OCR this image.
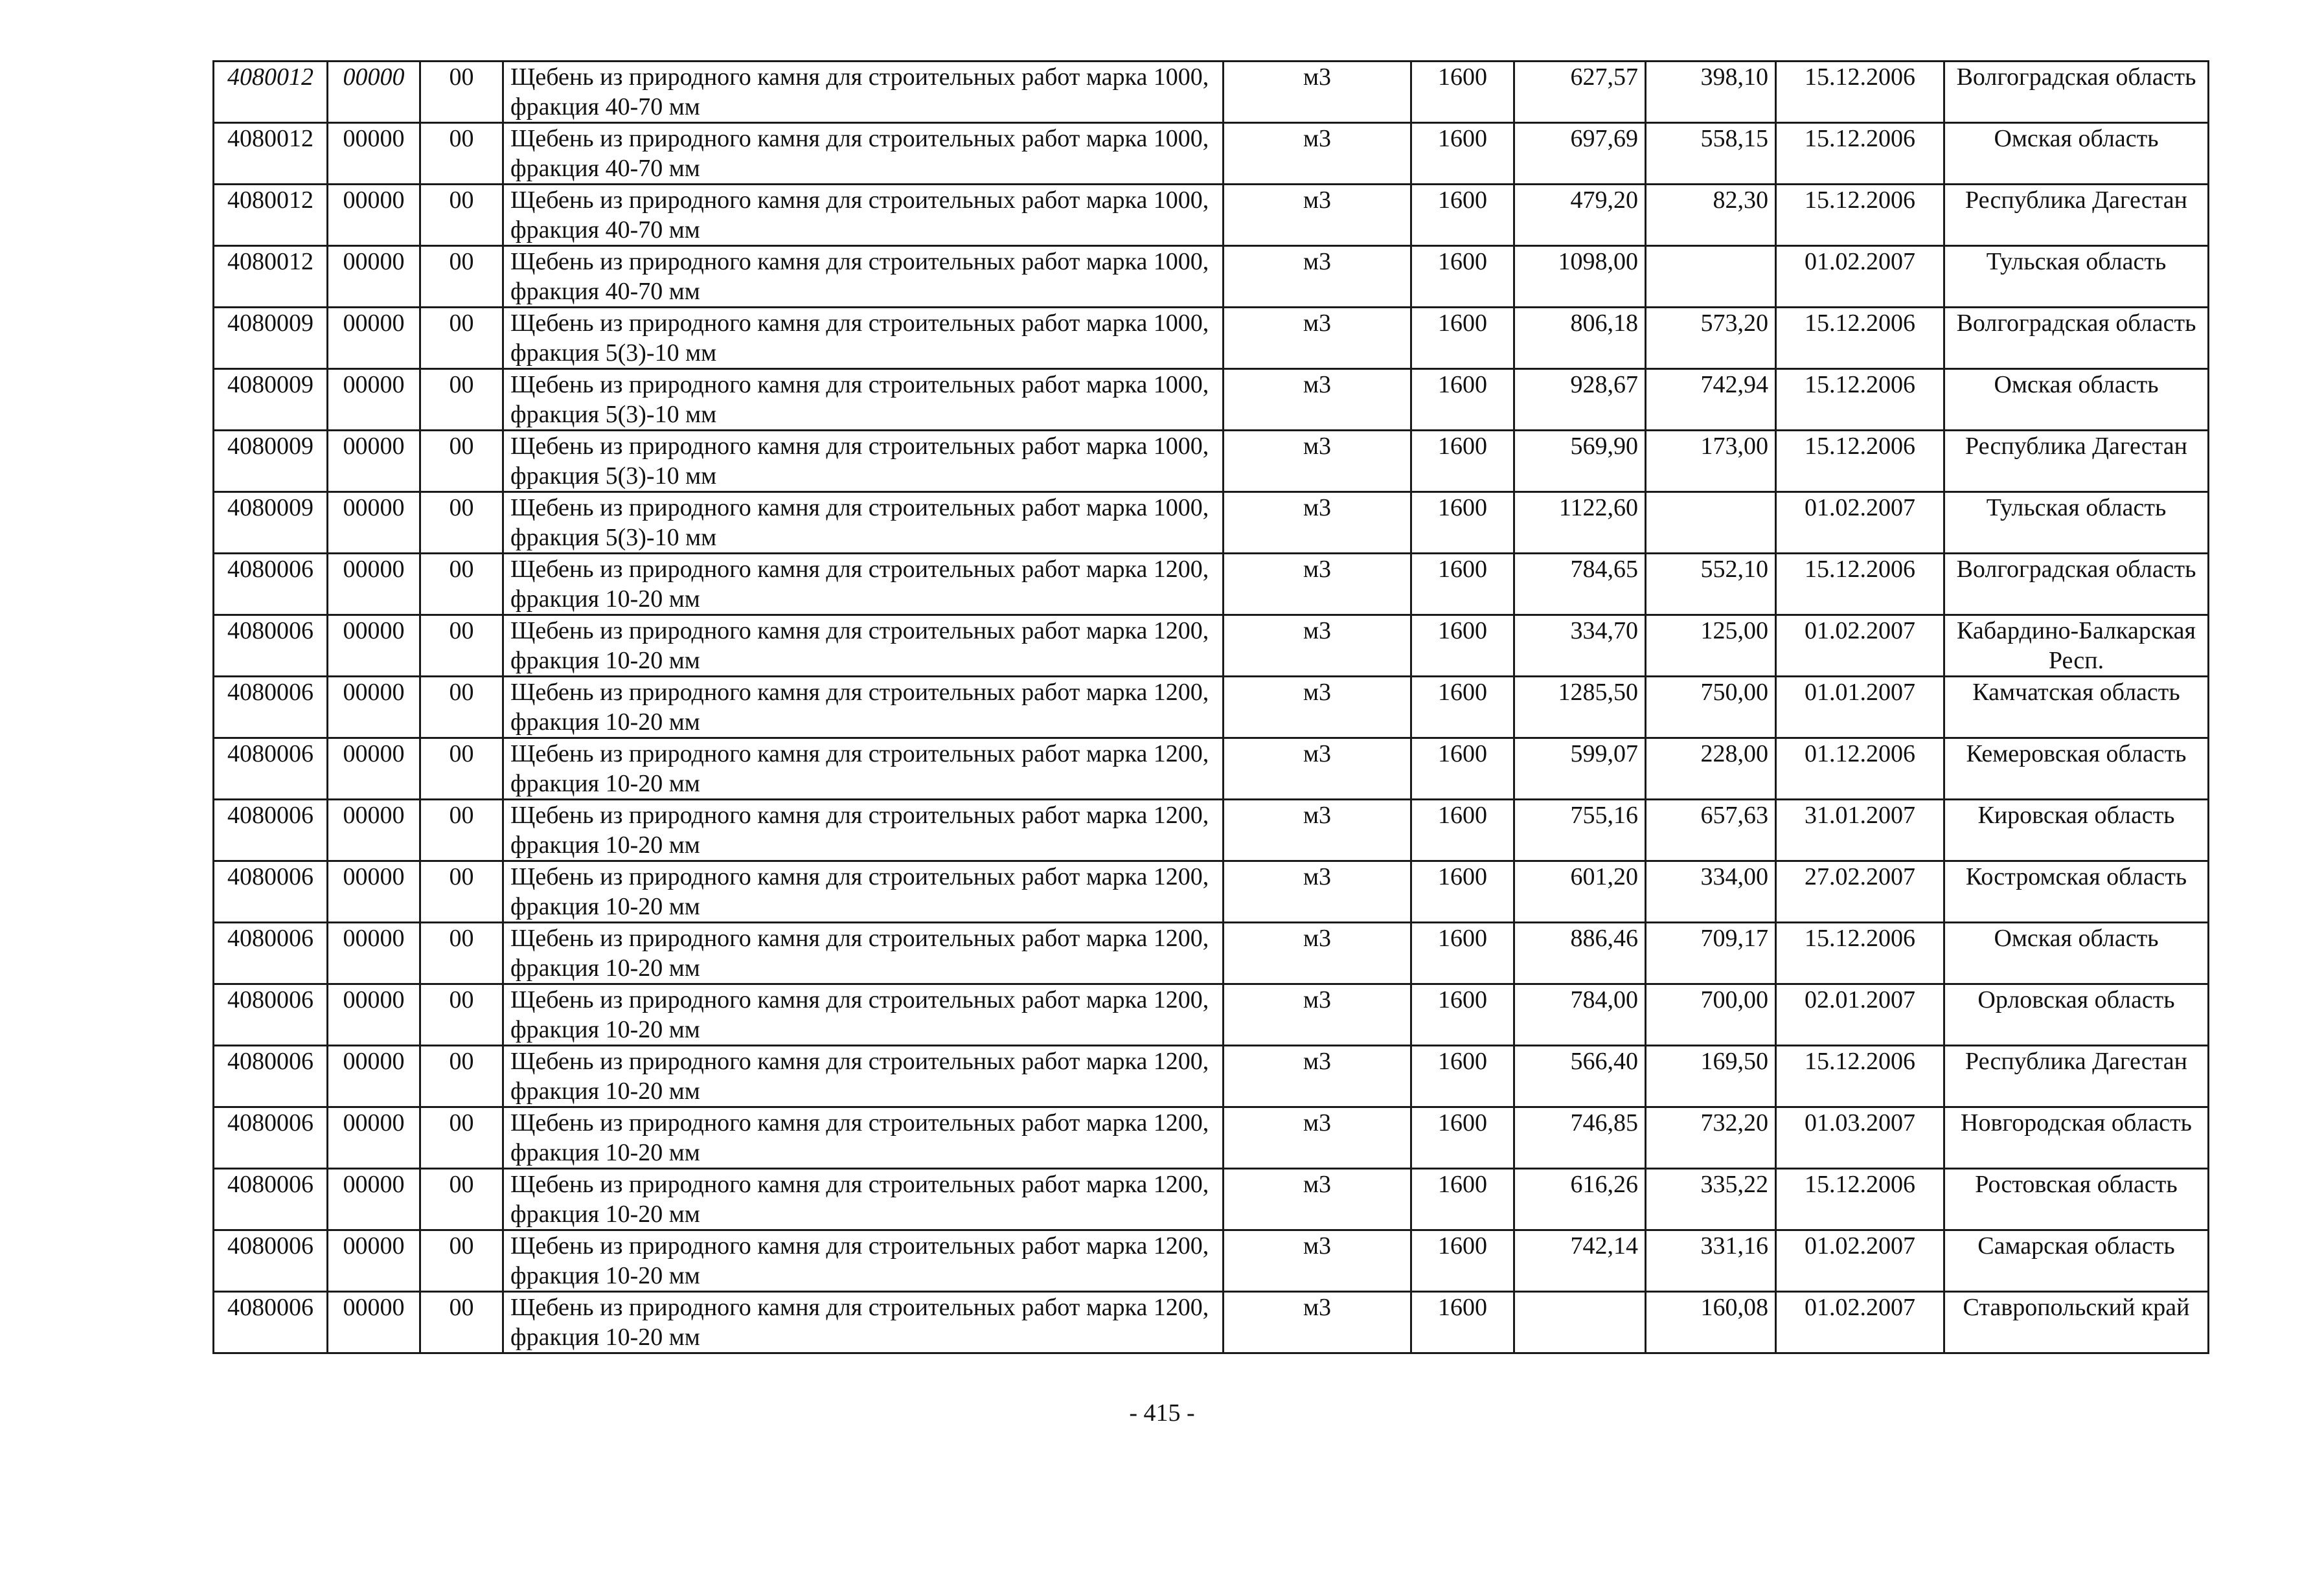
4080012	00000	00	Щебень из природного камня для строительных работ марка 1000, фракция 40-70 мм	м3	1600	627,57	398,10	15.12.2006	Волгоградская область
4080012	00000	00	Щебень из природного камня для строительных работ марка 1000, фракция 40-70 мм	м3	1600	697,69	558,15	15.12.2006	Омская область
4080012	00000	00	Щебень из природного камня для строительных работ марка 1000, фракция 40-70 мм	м3	1600	479,20	82,30	15.12.2006	Республика Дагестан
4080012	00000	00	Щебень из природного камня для строительных работ марка 1000, фракция 40-70 мм	м3	1600	1098,00		01.02.2007	Тульская область
4080009	00000	00	Щебень из природного камня для строительных работ марка 1000, фракция 5(3)-10 мм	м3	1600	806,18	573,20	15.12.2006	Волгоградская область
4080009	00000	00	Щебень из природного камня для строительных работ марка 1000, фракция 5(3)-10 мм	м3	1600	928,67	742,94	15.12.2006	Омская область
4080009	00000	00	Щебень из природного камня для строительных работ марка 1000, фракция 5(3)-10 мм	м3	1600	569,90	173,00	15.12.2006	Республика Дагестан
4080009	00000	00	Щебень из природного камня для строительных работ марка 1000, фракция 5(3)-10 мм	м3	1600	1122,60		01.02.2007	Тульская область
4080006	00000	00	Щебень из природного камня для строительных работ марка 1200, фракция 10-20 мм	м3	1600	784,65	552,10	15.12.2006	Волгоградская область
4080006	00000	00	Щебень из природного камня для строительных работ марка 1200, фракция 10-20 мм	м3	1600	334,70	125,00	01.02.2007	Кабардино-Балкарская Респ.
4080006	00000	00	Щебень из природного камня для строительных работ марка 1200, фракция 10-20 мм	м3	1600	1285,50	750,00	01.01.2007	Камчатская область
4080006	00000	00	Щебень из природного камня для строительных работ марка 1200, фракция 10-20 мм	м3	1600	599,07	228,00	01.12.2006	Кемеровская область
4080006	00000	00	Щебень из природного камня для строительных работ марка 1200, фракция 10-20 мм	м3	1600	755,16	657,63	31.01.2007	Кировская область
4080006	00000	00	Щебень из природного камня для строительных работ марка 1200, фракция 10-20 мм	м3	1600	601,20	334,00	27.02.2007	Костромская область
4080006	00000	00	Щебень из природного камня для строительных работ марка 1200, фракция 10-20 мм	м3	1600	886,46	709,17	15.12.2006	Омская область
4080006	00000	00	Щебень из природного камня для строительных работ марка 1200, фракция 10-20 мм	м3	1600	784,00	700,00	02.01.2007	Орловская область
4080006	00000	00	Щебень из природного камня для строительных работ марка 1200, фракция 10-20 мм	м3	1600	566,40	169,50	15.12.2006	Республика Дагестан
4080006	00000	00	Щебень из природного камня для строительных работ марка 1200, фракция 10-20 мм	м3	1600	746,85	732,20	01.03.2007	Новгородская область
4080006	00000	00	Щебень из природного камня для строительных работ марка 1200, фракция 10-20 мм	м3	1600	616,26	335,22	15.12.2006	Ростовская область
4080006	00000	00	Щебень из природного камня для строительных работ марка 1200, фракция 10-20 мм	м3	1600	742,14	331,16	01.02.2007	Самарская область
4080006	00000	00	Щебень из природного камня для строительных работ марка 1200, фракция 10-20 мм	м3	1600		160,08	01.02.2007	Ставропольский край
- 415 -
